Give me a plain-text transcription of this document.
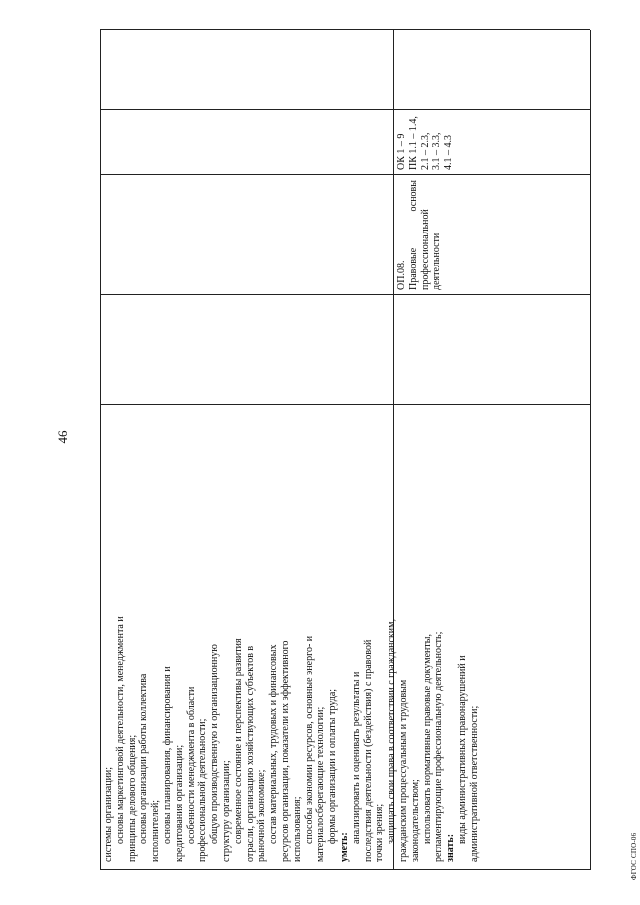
46
ФГОС СПО-06
системы организации; основы маркетинговой деятельности, менеджмента и принципы делового общения; основы организации работы коллектива исполнителей; основы планирования, финансирования и кредитования организации; особенности менеджмента в области профессиональной деятельности; общую производственную и организационную структуру организации; современное состояние и перспективы развития отрасли, организацию хозяйствующих субъектов в рыночной экономике; состав материальных, трудовых и финансовых ресурсов организации, показатели их эффективного использования; способы экономии ресурсов, основные энерго- и материалосберегающие технологии; формы организации и оплаты труда;
уметь:
анализировать и оценивать результаты и последствия деятельности (бездействия) с правовой точки зрения; защищать свои права в соответствии с гражданским, гражданским процессуальным и трудовым законодательством; использовать нормативные правовые документы, регламентирующие профессиональную деятельность; знать:
виды административных правонарушений и административной ответственности;
ОП.08. Правовые
основы
профессиональной деятельности
ОК 1 – 9 ПК 1.1 – 1.4, 2.1 – 2.3, 3.1 – 3.3, 4.1 – 4.3
